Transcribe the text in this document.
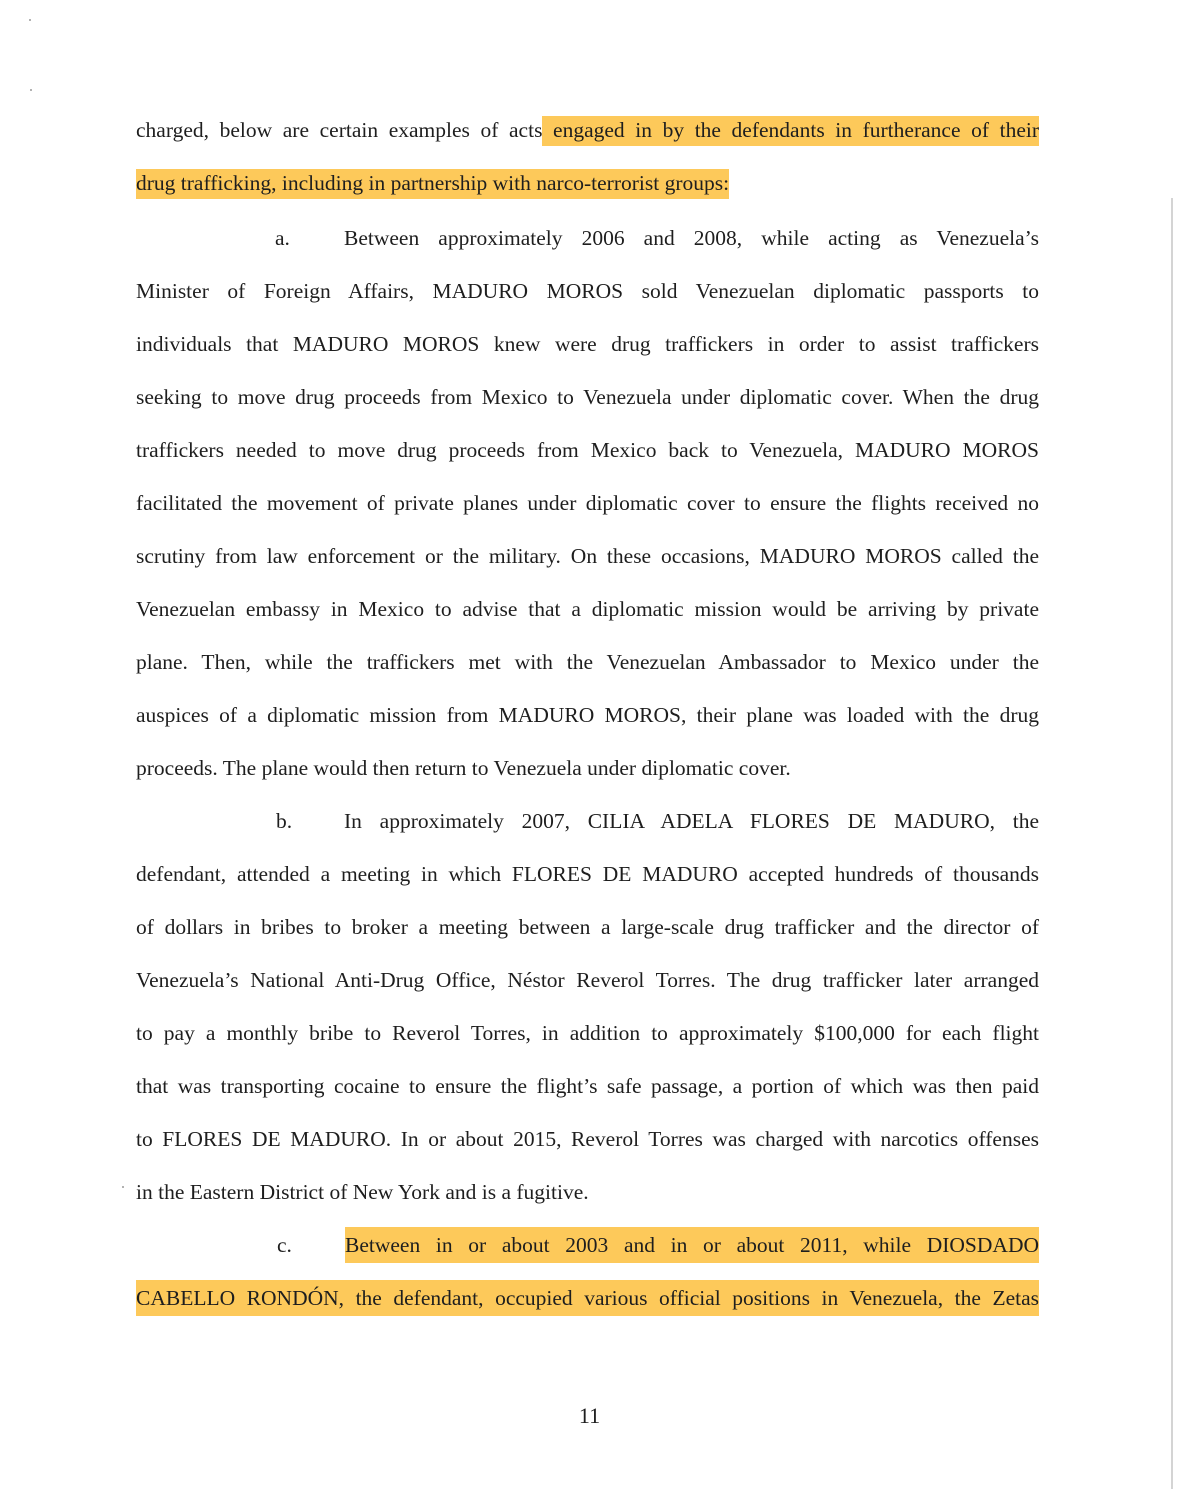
charged, below are certain examples of acts engaged in by the defendants in furtherance of their
drug trafficking, including in partnership with narco-terrorist groups:
a.	Between approximately 2006 and 2008, while acting as Venezuela’s
Minister of Foreign Affairs, MADURO MOROS sold Venezuelan diplomatic passports to
individuals that MADURO MOROS knew were drug traffickers in order to assist traffickers
seeking to move drug proceeds from Mexico to Venezuela under diplomatic cover. When the drug
traffickers needed to move drug proceeds from Mexico back to Venezuela, MADURO MOROS
facilitated the movement of private planes under diplomatic cover to ensure the flights received no
scrutiny from law enforcement or the military. On these occasions, MADURO MOROS called the
Venezuelan embassy in Mexico to advise that a diplomatic mission would be arriving by private
plane. Then, while the traffickers met with the Venezuelan Ambassador to Mexico under the
auspices of a diplomatic mission from MADURO MOROS, their plane was loaded with the drug
proceeds. The plane would then return to Venezuela under diplomatic cover.
b. In approximately 2007, CILIA ADELA FLORES DE MADURO, the
defendant, attended a meeting in which FLORES DE MADURO accepted hundreds of thousands
of dollars in bribes to broker a meeting between a large-scale drug trafficker and the director of
Venezuela’s National Anti-Drug Office, Néstor Reverol Torres. The drug trafficker later arranged
to pay a monthly bribe to Reverol Torres, in addition to approximately $100,000 for each flight
that was transporting cocaine to ensure the flight’s safe passage, a portion of which was then paid
to FLORES DE MADURO. In or about 2015, Reverol Torres was charged with narcotics offenses
in the Eastern District of New York and is a fugitive.
c. Between in or about 2003 and in or about 2011, while DIOSDADO
CABELLO RONDÓN, the defendant, occupied various official positions in Venezuela, the Zetas
11
